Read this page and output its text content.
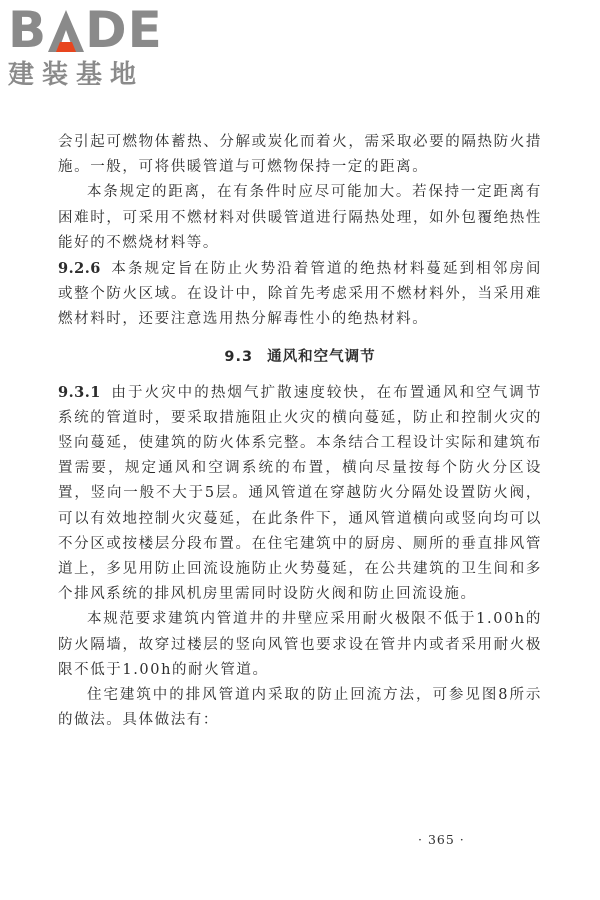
B DE
建装基地

会引起可燃物体蓄热、分解或炭化而着火，需采取必要的隔热防火措施。一般，可将供暖管道与可燃物保持一定的距离。

本条规定的距离，在有条件时应尽可能加大。若保持一定距离有困难时，可采用不燃材料对供暖管道进行隔热处理，如外包覆绝热性能好的不燃烧材料等。

9.2.6 本条规定旨在防止火势沿着管道的绝热材料蔓延到相邻房间或整个防火区域。在设计中，除首先考虑采用不燃材料外，当采用难燃材料时，还要注意选用热分解毒性小的绝热材料。

9.3 通风和空气调节

9.3.1 由于火灾中的热烟气扩散速度较快，在布置通风和空气调节系统的管道时，要采取措施阻止火灾的横向蔓延，防止和控制火灾的竖向蔓延，使建筑的防火体系完整。本条结合工程设计实际和建筑布置需要，规定通风和空调系统的布置，横向尽量按每个防火分区设置，竖向一般不大于5层。通风管道在穿越防火分隔处设置防火阀，可以有效地控制火灾蔓延，在此条件下，通风管道横向或竖向均可以不分区或按楼层分段布置。在住宅建筑中的厨房、厕所的垂直排风管道上，多见用防止回流设施防止火势蔓延，在公共建筑的卫生间和多个排风系统的排风机房里需同时设防火阀和防止回流设施。

本规范要求建筑内管道井的井壁应采用耐火极限不低于1.00h的防火隔墙，故穿过楼层的竖向风管也要求设在管井内或者采用耐火极限不低于1.00h的耐火管道。

住宅建筑中的排风管道内采取的防止回流方法，可参见图8所示的做法。具体做法有：

· 365 ·
